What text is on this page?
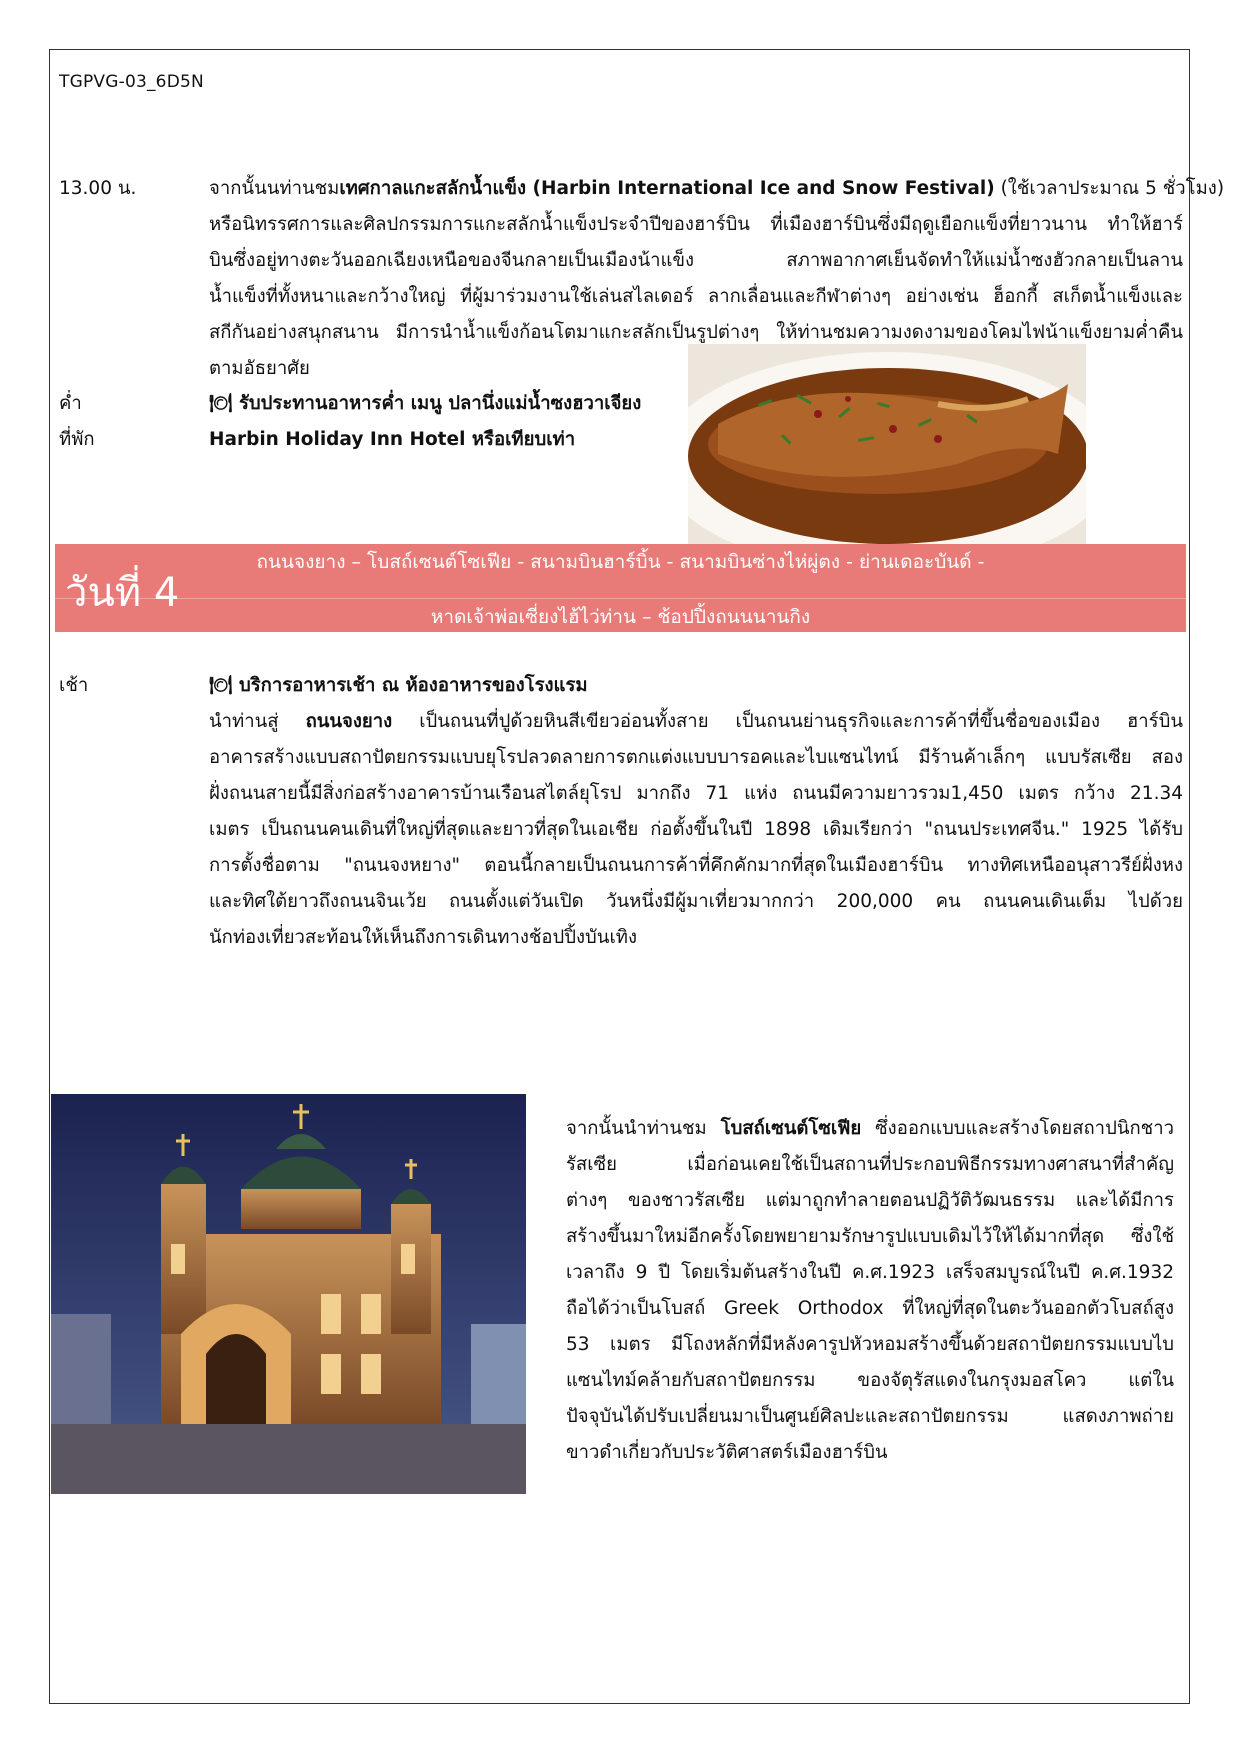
TGPVG-03_6D5N
13.00 น.	จากนั้นนท่านชมเทศกาลแกะสลักน้ำแข็ง (Harbin International Ice and Snow Festival) (ใช้เวลาประมาณ 5 ชั่วโมง)
หรือนิทรรศการและศิลปกรรมการแกะสลักน้ำแข็งประจำปีของฮาร์บิน ที่เมืองฮาร์บินซึ่งมีฤดูเยือกแข็งที่ยาวนาน ทำให้ฮาร์
บินซึ่งอยู่ทางตะวันออกเฉียงเหนือของจีนกลายเป็นเมืองน้าแข็ง สภาพอากาศเย็นจัดทำให้แม่น้ำซงฮัวกลายเป็นลาน
น้ำแข็งที่ทั้งหนาและกว้างใหญ่ ที่ผู้มาร่วมงานใช้เล่นสไลเดอร์ ลากเลื่อนและกีฬาต่างๆ อย่างเช่น ฮ็อกกี้ สเก็ตน้ำแข็งและ
สกีกันอย่างสนุกสนาน มีการนำน้ำแข็งก้อนโตมาแกะสลักเป็นรูปต่างๆ ให้ท่านชมความงดงามของโคมไฟน้าแข็งยามค่ำคืน
ตามอัธยาศัย
ค่ำ	🍽 รับประทานอาหารค่ำ เมนู ปลานึ่งแม่น้ำซงฮวาเจียง
ที่พัก	Harbin Holiday Inn Hotel หรือเทียบเท่า
วันที่ 4
ถนนจงยาง – โบสถ์เซนต์โซเฟีย - สนามบินฮาร์บิ้น - สนามบินซ่างไห่ผู่ตง - ย่านเดอะบันด์ -
หาดเจ้าพ่อเซี่ยงไฮ้ไว่ท่าน – ช้อปปิ้งถนนนานกิง
เช้า	🍽 บริการอาหารเช้า ณ ห้องอาหารของโรงแรม
นำท่านสู่ ถนนจงยาง เป็นถนนที่ปูด้วยหินสีเขียวอ่อนทั้งสาย เป็นถนนย่านธุรกิจและการค้าที่ขึ้นชื่อของเมือง ฮาร์บิน
อาคารสร้างแบบสถาปัตยกรรมแบบยุโรปลวดลายการตกแต่งแบบบารอคและไบแซนไทน์ มีร้านค้าเล็กๆ แบบรัสเซีย สอง
ฝั่งถนนสายนี้มีสิ่งก่อสร้างอาคารบ้านเรือนสไตล์ยุโรป มากถึง 71 แห่ง ถนนมีความยาวรวม1,450 เมตร กว้าง 21.34
เมตร เป็นถนนคนเดินที่ใหญ่ที่สุดและยาวที่สุดในเอเชีย ก่อตั้งขึ้นในปี 1898 เดิมเรียกว่า "ถนนประเทศจีน." 1925 ได้รับ
การตั้งชื่อตาม "ถนนจงหยาง" ตอนนี้กลายเป็นถนนการค้าที่คึกคักมากที่สุดในเมืองฮาร์บิน ทางทิศเหนืออนุสาวรีย์ฝั่งหง
และทิศใต้ยาวถึงถนนจินเว้ย ถนนตั้งแต่วันเปิด วันหนึ่งมีผู้มาเที่ยวมากกว่า 200,000 คน ถนนคนเดินเต็ม ไปด้วย
นักท่องเที่ยวสะท้อนให้เห็นถึงการเดินทางช้อปปิ้งบันเทิง
จากนั้นนำท่านชม โบสถ์เซนต์โซเฟีย ซึ่งออกแบบและสร้างโดยสถาปนิกชาว
รัสเซีย เมื่อก่อนเคยใช้เป็นสถานที่ประกอบพิธีกรรมทางศาสนาที่สำคัญ
ต่างๆ ของชาวรัสเซีย แต่มาถูกทำลายตอนปฏิวัติวัฒนธรรม และได้มีการ
สร้างขึ้นมาใหม่อีกครั้งโดยพยายามรักษารูปแบบเดิมไว้ให้ได้มากที่สุด ซึ่งใช้
เวลาถึง 9 ปี โดยเริ่มต้นสร้างในปี ค.ศ.1923 เสร็จสมบูรณ์ในปี ค.ศ.1932
ถือได้ว่าเป็นโบสถ์ Greek Orthodox ที่ใหญ่ที่สุดในตะวันออกตัวโบสถ์สูง
53 เมตร มีโถงหลักที่มีหลังคารูปหัวหอมสร้างขึ้นด้วยสถาปัตยกรรมแบบไบ
แซนไทม์คล้ายกับสถาปัตยกรรม ของจัตุรัสแดงในกรุงมอสโคว แต่ใน
ปัจจุบันได้ปรับเปลี่ยนมาเป็นศูนย์ศิลปะและสถาปัตยกรรม แสดงภาพถ่าย
ขาวดำเกี่ยวกับประวัติศาสตร์เมืองฮาร์บิน
